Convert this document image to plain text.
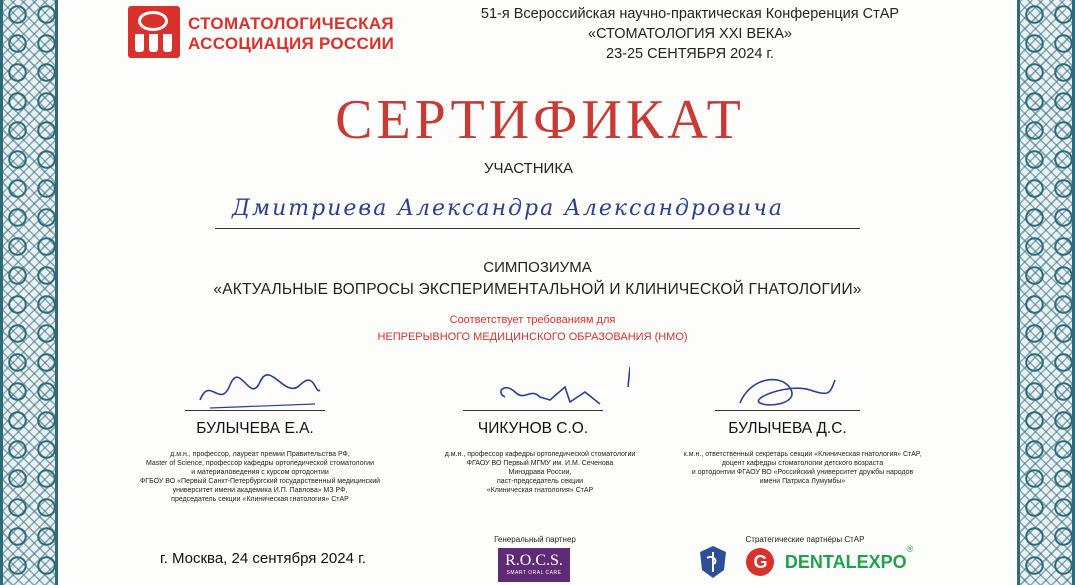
СТОМАТОЛОГИЧЕСКАЯ
АССОЦИАЦИЯ РОССИИ
51-я Всероссийская научно-практическая Конференция СтАР
«СТОМАТОЛОГИЯ XXI ВЕКА»
23-25 СЕНТЯБРЯ 2024 г.
СЕРТИФИКАТ
УЧАСТНИКА
Дмитриева Александра Александровича
СИМПОЗИУМА
«АКТУАЛЬНЫЕ ВОПРОСЫ ЭКСПЕРИМЕНТАЛЬНОЙ И КЛИНИЧЕСКОЙ ГНАТОЛОГИИ»
Соответствует требованиям для
НЕПРЕРЫВНОГО МЕДИЦИНСКОГО ОБРАЗОВАНИЯ (НМО)
БУЛЫЧЕВА Е.А.	ЧИКУНОВ С.О.	БУЛЫЧЕВА Д.С.
д.м.н., профессор, лауреат премии Правительства РФ,
Master of Science, профессор кафедры ортопедической стоматологии
и материаловедения с курсом ортодонтии
ФГБОУ ВО «Первый Санкт-Петербургский государственный медицинский
университет имени академика И.П. Павлова» МЗ РФ,
председатель секции «Клиническая гнатология» СтАР
д.м.н., профессор кафедры ортопедической стоматологии
ФГАОУ ВО Первый МГМУ им. И.М. Сеченова
Минздрава России,
паст-председатель секции
«Клиническая гнатология» СтАР
к.м.н., ответственный секретарь секции «Клиническая гнатология» СтАР,
доцент кафедры стоматологии детского возраста
и ортодонтии ФГАОУ ВО «Российский университет дружбы народов
имени Патриса Лумумбы»
г. Москва, 24 сентября 2024 г.
Генеральный партнер
R.O.C.S.
SMART ORAL CARE
Стратегические партнёры СтАР
G DENTALEXPO®
